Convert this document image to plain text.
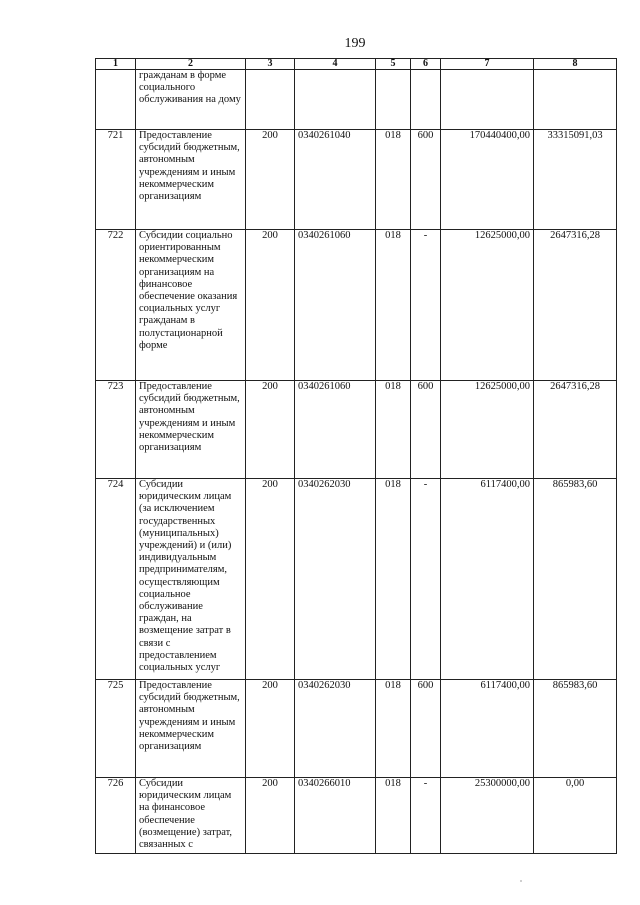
199
1	2	3	4	5	6	7	8
	гражданам в форме социального обслуживания на дому						
721	Предоставление субсидий бюджетным, автономным учреждениям и иным некоммерческим организациям	200	0340261040	018	600	170440400,00	33315091,03
722	Субсидии социально ориентированным некоммерческим организациям на финансовое обеспечение оказания социальных услуг гражданам в полустационарной форме	200	0340261060	018	-	12625000,00	2647316,28
723	Предоставление субсидий бюджетным, автономным учреждениям и иным некоммерческим организациям	200	0340261060	018	600	12625000,00	2647316,28
724	Субсидии юридическим лицам (за исключением государственных (муниципальных) учреждений) и (или) индивидуальным предпринимателям, осуществляющим социальное обслуживание граждан, на возмещение затрат в связи с предоставлением социальных услуг	200	0340262030	018	-	6117400,00	865983,60
725	Предоставление субсидий бюджетным, автономным учреждениям и иным некоммерческим организациям	200	0340262030	018	600	6117400,00	865983,60
726	Субсидии юридическим лицам на финансовое обеспечение (возмещение) затрат, связанных с	200	0340266010	018	-	25300000,00	0,00
